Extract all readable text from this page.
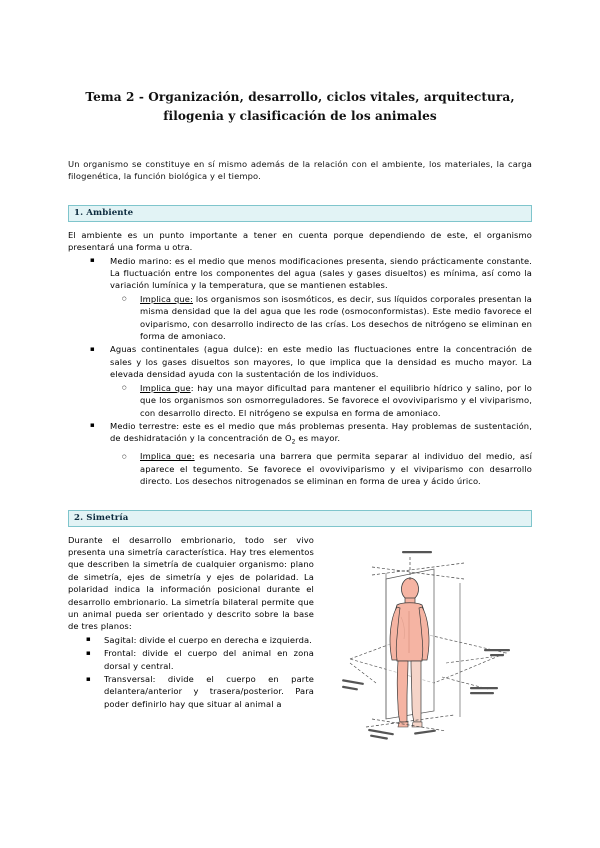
Tema 2 - Organización, desarrollo, ciclos vitales, arquitectura, filogenia y clasificación de los animales

Un organismo se constituye en sí mismo además de la relación con el ambiente, los materiales, la carga filogenética, la función biológica y el tiempo.

1. Ambiente

El ambiente es un punto importante a tener en cuenta porque dependiendo de este, el organismo presentará una forma u otra.

▪ Medio marino: es el medio que menos modificaciones presenta, siendo prácticamente constante. La fluctuación entre los componentes del agua (sales y gases disueltos) es mínima, así como la variación lumínica y la temperatura, que se mantienen estables.
○ Implica que: los organismos son isosmóticos, es decir, sus líquidos corporales presentan la misma densidad que la del agua que les rode (osmoconformistas). Este medio favorece el oviparismo, con desarrollo indirecto de las crías. Los desechos de nitrógeno se eliminan en forma de amoniaco.
▪ Aguas continentales (agua dulce): en este medio las fluctuaciones entre la concentración de sales y los gases disueltos son mayores, lo que implica que la densidad es mucho mayor. La elevada densidad ayuda con la sustentación de los individuos.
○ Implica que: hay una mayor dificultad para mantener el equilibrio hídrico y salino, por lo que los organismos son osmorreguladores. Se favorece el ovoviviparismo y el viviparismo, con desarrollo directo. El nitrógeno se expulsa en forma de amoniaco.
▪ Medio terrestre: este es el medio que más problemas presenta. Hay problemas de sustentación, de deshidratación y la concentración de $O_2$ es mayor.
○ Implica que: es necesaria una barrera que permita separar al individuo del medio, así aparece el tegumento. Se favorece el ovoviviparismo y el viviparismo con desarrollo directo. Los desechos nitrogenados se eliminan en forma de urea y ácido úrico.
2. Simetría

Durante el desarrollo embrionario, todo ser vivo presenta una simetría característica. Hay tres elementos que describen la simetría de cualquier organismo: plano de simetría, ejes de simetría y ejes de polaridad. La polaridad indica la información posicional durante el desarrollo embrionario. La simetría bilateral permite que un animal pueda ser orientado y descrito sobre la base de tres planos:

▪ Sagital: divide el cuerpo en derecha e izquierda.
▪ Frontal: divide el cuerpo del animal en zona dorsal y central.
▪ Transversal: divide el cuerpo en parte delantera/anterior y trasera/posterior. Para poder definirlo hay que situar al animal a
